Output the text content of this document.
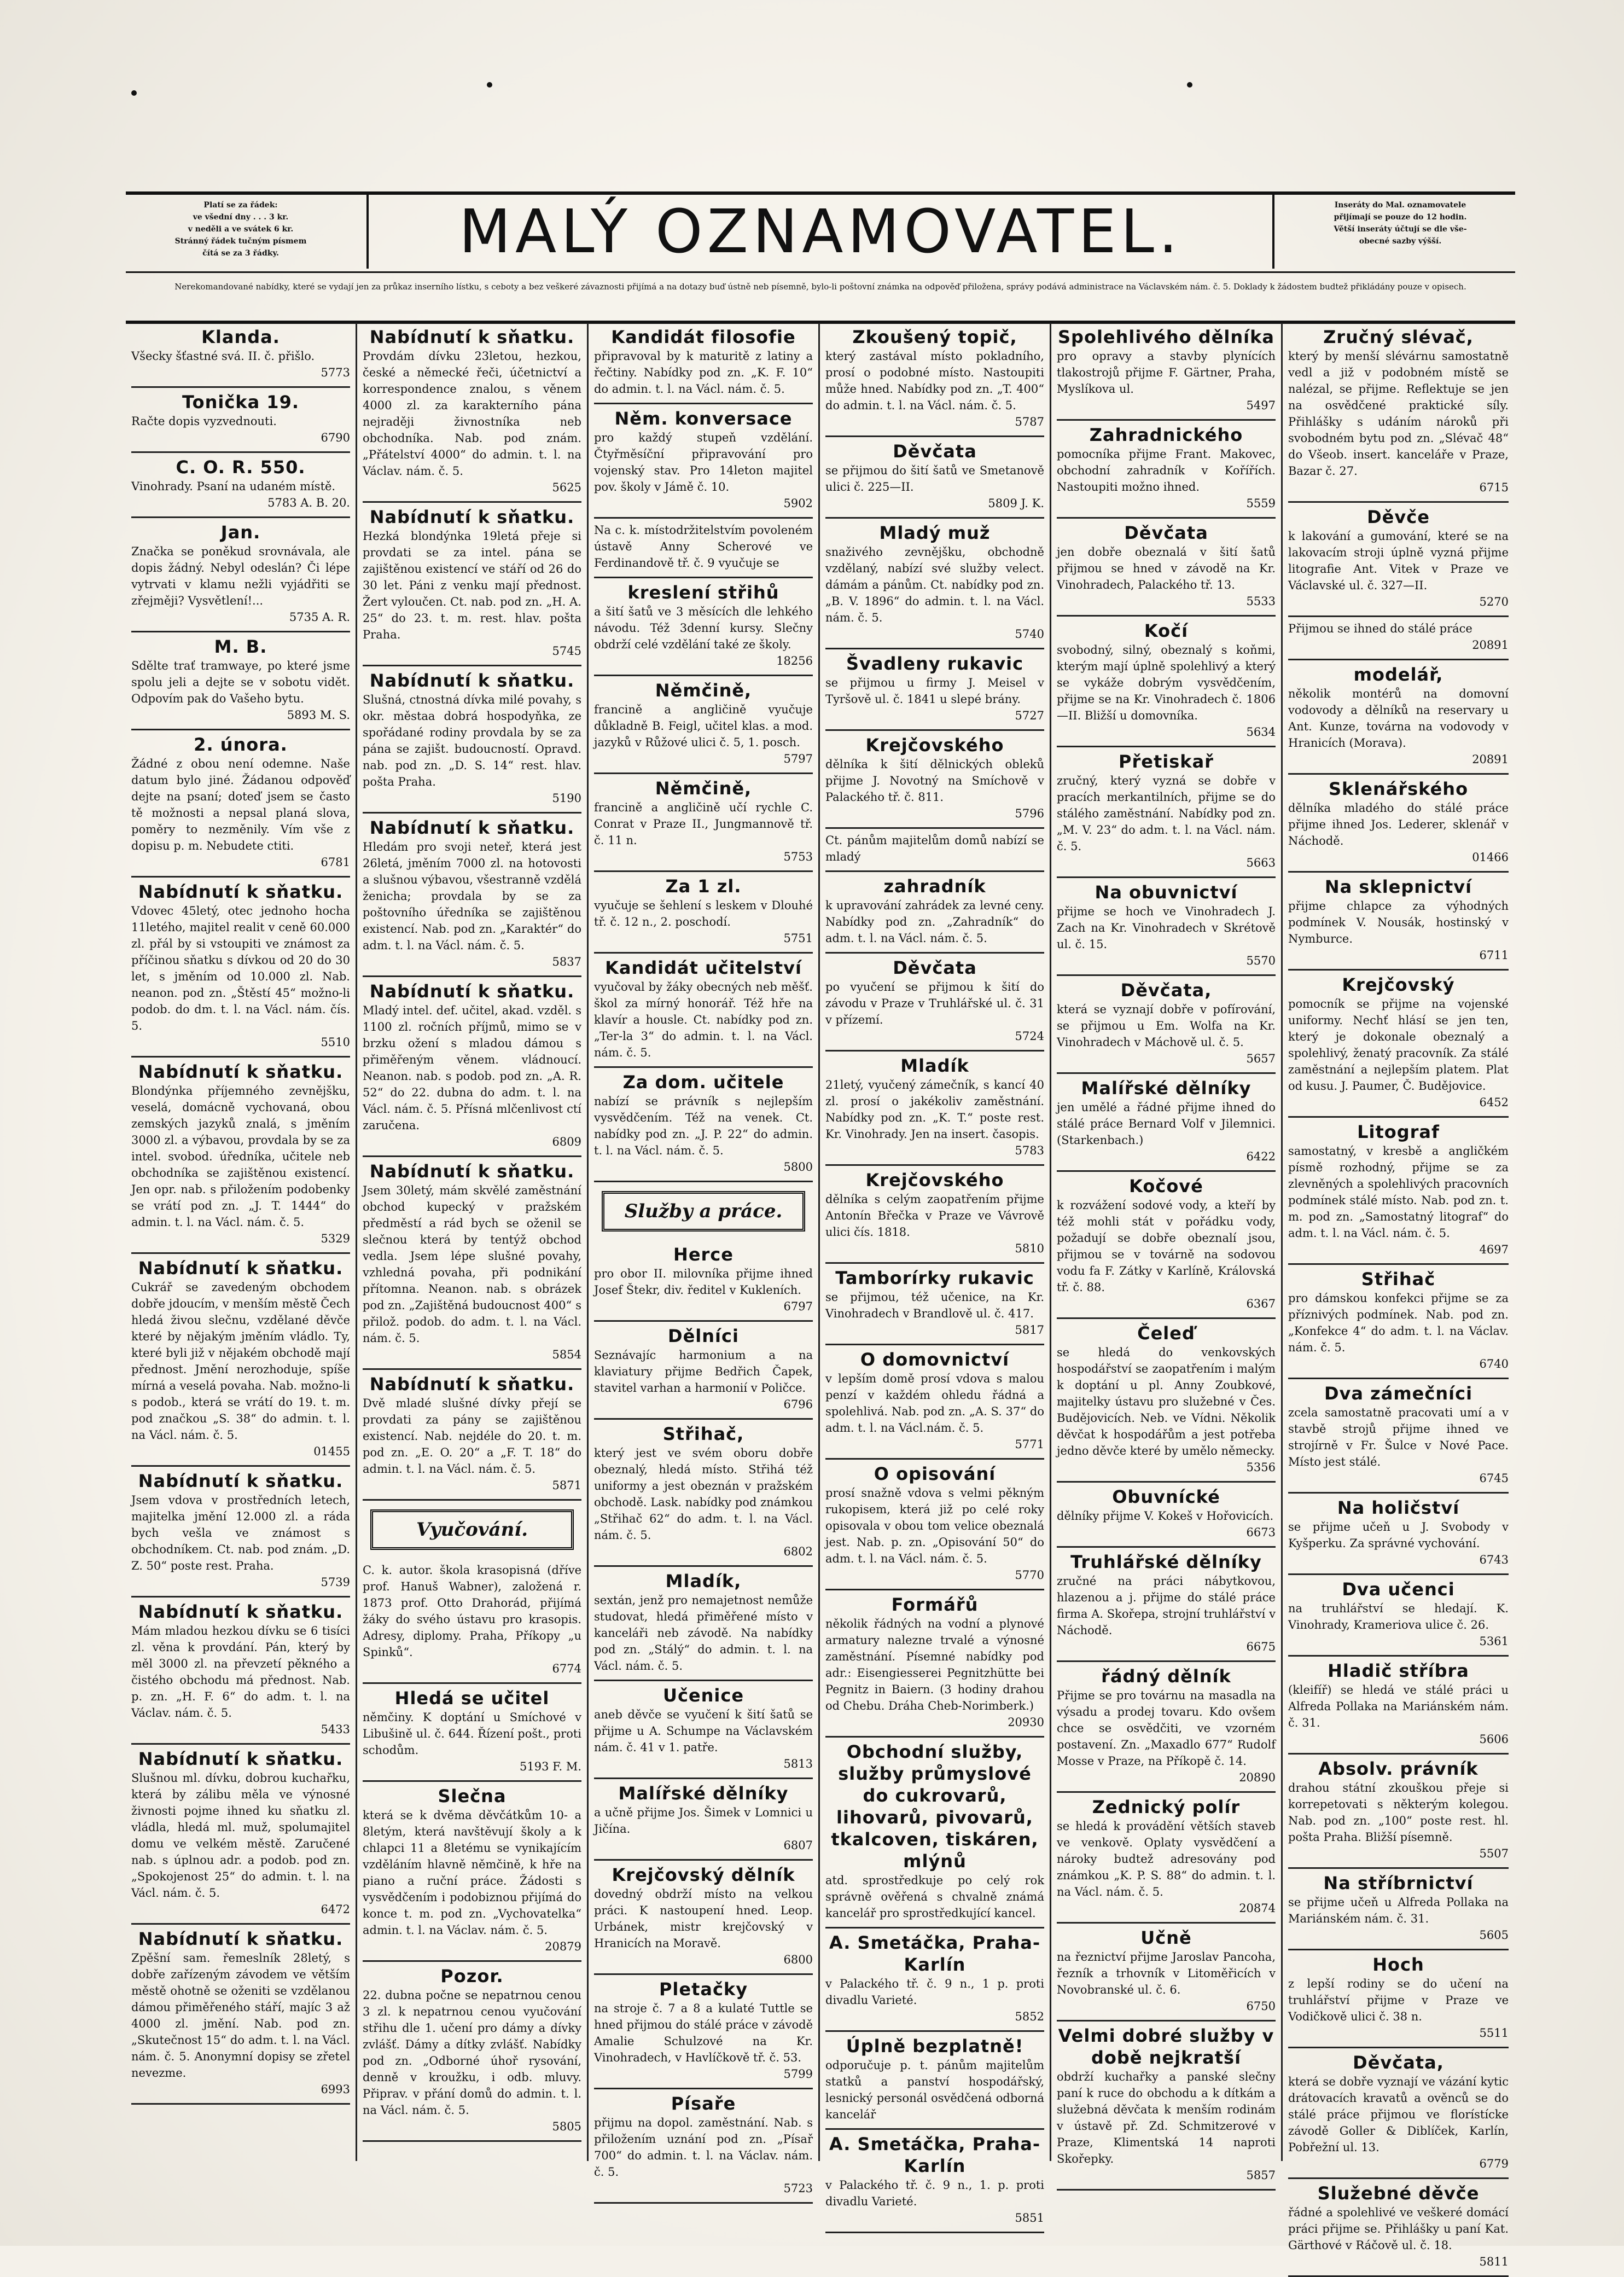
Platí se za řádek:
ve všední dny . . . 3 kr.
v neděli a ve svátek 6 kr.
Stránný řádek tučným písmem
čítá se za 3 řádky.	MALÝ OZNAMOVATEL.	Inseráty do Mal. oznamovatele
přijímají se pouze do 12 hodin.
Větší inseráty účtují se dle vše-
obecné sazby výšší.
Nerekomandované nabídky, které se vydají jen za průkaz inserního lístku, s ceboty a bez veškeré závaznosti přijímá a na dotazy buď ústně neb písemně, bylo-li poštovní známka na odpověď přiložena, správy podává administrace na Václavském nám. č. 5. Doklady k žádostem budtež přikládány pouze v opisech.
Klanda.
Všecky šťastné svá. II. č. přišlo.
5773
Tonička 19.
Račte dopis vyzvednouti.
6790
C. O. R. 550.
Vinohrady. Psaní na udaném místě.
5783 A. B. 20.
Jan.
Značka se poněkud srovnávala, ale dopis žádný. Nebyl odeslán? Či lépe vytrvati v klamu nežli vyjádřiti se zřejměji? Vysvětlení!...
5735 A. R.
M. B.
Sdělte trať tramwaye, po které jsme spolu jeli a dejte se v sobotu vidět. Odpovím pak do Vašeho bytu.
5893 M. S.
2. února.
Žádné z obou není odemne. Naše datum bylo jiné. Žádanou odpověď dejte na psaní; doteď jsem se často tě možnosti a nepsal planá slova, poměry to nezměnily. Vím vše z dopisu p. m. Nebudete ctiti.
6781
Nabídnutí k sňatku.
Vdovec 45letý, otec jednoho hocha 11letého, majitel realit v ceně 60.000 zl. přál by si vstoupiti ve známost za příčinou sňatku s dívkou od 20 do 30 let, s jměním od 10.000 zl. Nab. neanon. pod zn. „Štěstí 45“ možno-li podob. do dm. t. l. na Václ. nám. čís. 5.
5510
Nabídnutí k sňatku.
Blondýnka příjemného zevnějšku, veselá, domácně vychovaná, obou zemských jazyků znalá, s jměním 3000 zl. a výbavou, provdala by se za intel. svobod. úředníka, učitele neb obchodníka se zajištěnou existencí. Jen opr. nab. s přiložením podobenky se vrátí pod zn. „J. T. 1444“ do admin. t. l. na Václ. nám. č. 5.
5329
Nabídnutí k sňatku.
Cukrář se zavedeným obchodem dobře jdoucím, v menším městě Čech hledá živou slečnu, vzdělané děvče které by nějakým jměním vládlo. Ty, které byli již v nějakém obchodě mají přednost. Jmění nerozhoduje, spíše mírná a veselá povaha. Nab. možno-li s podob., která se vrátí do 19. t. m. pod značkou „S. 38“ do admin. t. l. na Václ. nám. č. 5.
01455
Nabídnutí k sňatku.
Jsem vdova v prostředních letech, majitelka jmění 12.000 zl. a ráda bych vešla ve známost s obchodníkem. Ct. nab. pod znám. „D. Z. 50“ poste rest. Praha.
5739
Nabídnutí k sňatku.
Mám mladou hezkou dívku se 6 tisíci zl. věna k provdání. Pán, který by měl 3000 zl. na převzetí pěkného a čistého obchodu má přednost. Nab. p. zn. „H. F. 6“ do adm. t. l. na Václav. nám. č. 5.
5433
Nabídnutí k sňatku.
Slušnou ml. dívku, dobrou kuchařku, která by zálibu měla ve výnosné živnosti pojme ihned ku sňatku zl. vládla, hledá ml. muž, spolumajitel domu ve velkém městě. Zaručené nab. s úplnou adr. a podob. pod zn. „Spokojenost 25“ do admin. t. l. na Václ. nám. č. 5.
6472
Nabídnutí k sňatku.
Zpěšní sam. řemeslník 28letý, s dobře zařízeným závodem ve větším městě ohotně se oženiti se vzdělanou dámou přiměřeného stáří, majíc 3 až 4000 zl. jmění. Nab. pod zn. „Skutečnost 15“ do adm. t. l. na Václ. nám. č. 5. Anonymní dopisy se zřetel nevezme.
6993
Nabídnutí k sňatku.
Provdám dívku 23letou, hezkou, české a německé řeči, účetnictví a korrespondence znalou, s věnem 4000 zl. za karakterního pána nejraději živnostníka neb obchodníka. Nab. pod znám. „Přátelství 4000“ do admin. t. l. na Václav. nám. č. 5.
5625
Nabídnutí k sňatku.
Hezká blondýnka 19letá přeje si provdati se za intel. pána se zajištěnou existencí ve stáří od 26 do 30 let. Páni z venku mají přednost. Žert vyloučen. Ct. nab. pod zn. „H. A. 25“ do 23. t. m. rest. hlav. pošta Praha.
5745
Nabídnutí k sňatku.
Slušná, ctnostná dívka milé povahy, s okr. městaa dobrá hospodyňka, ze spořádané rodiny provdala by se za pána se zajišt. budoucností. Opravd. nab. pod zn. „D. S. 14“ rest. hlav. pošta Praha.
5190
Nabídnutí k sňatku.
Hledám pro svoji neteř, která jest 26letá, jměním 7000 zl. na hotovosti a slušnou výbavou, všestranně vzdělá ženicha; provdala by se za poštovního úředníka se zajištěnou existencí. Nab. pod zn. „Karaktér“ do adm. t. l. na Václ. nám. č. 5.
5837
Nabídnutí k sňatku.
Mladý intel. def. učitel, akad. vzděl. s 1100 zl. ročních příjmů, mimo se v brzku ožení s mladou dámou s přiměřeným věnem. vládnoucí. Neanon. nab. s podob. pod zn. „A. R. 52“ do 22. dubna do adm. t. l. na Václ. nám. č. 5. Přísná mlčenlivost ctí zaručena.
6809
Nabídnutí k sňatku.
Jsem 30letý, mám skvělé zaměstnání obchod kupecký v pražském předměstí a rád bych se oženil se slečnou která by tentýž obchod vedla. Jsem lépe slušné povahy, vzhledná povaha, při podnikání přítomna. Neanon. nab. s obrázek pod zn. „Zajištěná budoucnost 400“ s přilož. podob. do adm. t. l. na Václ. nám. č. 5.
5854
Nabídnutí k sňatku.
Dvě mladé slušné dívky přejí se provdati za pány se zajištěnou existencí. Nab. nejdéle do 20. t. m. pod zn. „E. O. 20“ a „F. T. 18“ do admin. t. l. na Václ. nám. č. 5.
5871
Vyučování.
C. k. autor. škola krasopisná (dříve prof. Hanuš Wabner), založená r. 1873 prof. Otto Drahorád, přijímá žáky do svého ústavu pro krasopis. Adresy, diplomy. Praha, Příkopy „u Spinků“.
6774
Hledá se učitel
němčiny. K doptání u Smíchové v Libušině ul. č. 644. Řízení pošt., proti schodům.
5193 F. M.
Slečna
která se k dvěma děvčátkům 10- a 8letým, která navštěvují školy a k chlapci 11 a 8letému se vynikajícím vzděláním hlavně němčině, k hře na piano a ruční práce. Žádosti s vysvědčením i podobiznou přijímá do konce t. m. pod zn. „Vychovatelka“ admin. t. l. na Václav. nám. č. 5.
20879
Pozor.
22. dubna počne se nepatrnou cenou 3 zl. k nepatrnou cenou vyučování střihu dle 1. učení pro dámy a dívky zvlášť. Dámy a dítky zvlášť. Nabídky pod zn. „Odborné úhoř rysování, denně v kroužku, i odb. mluvy. Připrav. v přání domů do admin. t. l. na Václ. nám. č. 5.
5805
Kandidát filosofie
připravoval by k maturitě z latiny a řečtiny. Nabídky pod zn. „K. F. 10“ do admin. t. l. na Václ. nám. č. 5.
Něm. konversace
pro každý stupeň vzdělání. Čtyřměsíční připravování pro vojenský stav. Pro 14leton majitel pov. školy v Jámě č. 10.
5902
Na c. k. místodržitelstvím povoleném ústavě Anny Scherové ve Ferdinandově tř. č. 9 vyučuje se
kreslení střihů
a šití šatů ve 3 měsících dle lehkého návodu. Též 3denní kursy. Slečny obdrží celé vzdělání také ze školy.
18256
Němčině,
francině a angličině vyučuje důkladně B. Feigl, učitel klas. a mod. jazyků v Růžové ulici č. 5, 1. posch.
5797
Němčině,
francině a angličině učí rychle C. Conrat v Praze II., Jungmannově tř. č. 11 n.
5753
Za 1 zl.
vyučuje se šehlení s leskem v Dlouhé tř. č. 12 n., 2. poschodí.
5751
Kandidát učitelství
vyučoval by žáky obecných neb měšť. škol za mírný honorář. Též hře na klavír a housle. Ct. nabídky pod zn. „Ter-la 3“ do admin. t. l. na Václ. nám. č. 5.
Za dom. učitele
nabízí se právník s nejlepším vysvědčením. Též na venek. Ct. nabídky pod zn. „J. P. 22“ do admin. t. l. na Václ. nám. č. 5.
5800
Služby a práce.
Herce
pro obor II. milovníka přijme ihned Josef Štekr, div. ředitel v Kukleních.
6797
Dělníci
Seznávajíc harmonium a na klaviatury přijme Bedřich Čapek, stavitel varhan a harmonií v Poličce.
6796
Střihač,
který jest ve svém oboru dobře obeznalý, hledá místo. Střihá též uniformy a jest obeznán v pražském obchodě. Lask. nabídky pod známkou „Střihač 62“ do adm. t. l. na Václ. nám. č. 5.
6802
Mladík,
sextán, jenž pro nemajetnost nemůže studovat, hledá přiměřené místo v kanceláři neb závodě. Na nabídky pod zn. „Stálý“ do admin. t. l. na Václ. nám. č. 5.
Učenice
aneb děvče se vyučení k šití šatů se přijme u A. Schumpe na Václavském nám. č. 41 v 1. patře.
5813
Malířské dělníky
a učně přijme Jos. Šimek v Lomnici u Jičína.
6807
Krejčovský dělník
dovedný obdrží místo na velkou práci. K nastoupení hned. Leop. Urbánek, mistr krejčovský v Hranicích na Moravě.
6800
Pletačky
na stroje č. 7 a 8 a kulaté Tuttle se hned přijmou do stálé práce v závodě Amalie Schulzové na Kr. Vinohradech, v Havlíčkově tř. č. 53.
5799
Písaře
přijmu na dopol. zaměstnání. Nab. s přiložením uznání pod zn. „Písař 700“ do admin. t. l. na Václav. nám. č. 5.
5723
Zkoušený topič,
který zastával místo pokladního, prosí o podobné místo. Nastoupiti může hned. Nabídky pod zn. „T. 400“ do admin. t. l. na Václ. nám. č. 5.
5787
Děvčata
se přijmou do šití šatů ve Smetanově ulici č. 225—II.
5809 J. K.
Mladý muž
snaživého zevnějšku, obchodně vzdělaný, nabízí své služby velect. dámám a pánům. Ct. nabídky pod zn. „B. V. 1896“ do admin. t. l. na Václ. nám. č. 5.
5740
Švadleny rukavic
se přijmou u firmy J. Meisel v Tyršově ul. č. 1841 u slepé brány.
5727
Krejčovského
dělníka k šití dělnických obleků přijme J. Novotný na Smíchově v Palackého tř. č. 811.
5796
Ct. pánům majitelům domů nabízí se mladý
zahradník
k upravování zahrádek za levné ceny. Nabídky pod zn. „Zahradník“ do adm. t. l. na Václ. nám. č. 5.
Děvčata
po vyučení se přijmou k šití do závodu v Praze v Truhlářské ul. č. 31 v přízemí.
5724
Mladík
21letý, vyučený zámečník, s kancí 40 zl. prosí o jakékoliv zaměstnání. Nabídky pod zn. „K. T.“ poste rest. Kr. Vinohrady. Jen na insert. časopis.
5783
Krejčovského
dělníka s celým zaopatřením přijme Antonín Břečka v Praze ve Vávrově ulici čís. 1818.
5810
Tamborírky rukavic
se přijmou, též učenice, na Kr. Vinohradech v Brandlově ul. č. 417.
5817
O domovnictví
v lepším domě prosí vdova s malou penzí v každém ohledu řádná a spolehlivá. Nab. pod zn. „A. S. 37“ do adm. t. l. na Václ.nám. č. 5.
5771
O opisování
prosí snažně vdova s velmi pěkným rukopisem, která již po celé roky opisovala v obou tom velice obeznalá jest. Nab. p. zn. „Opisování 50“ do adm. t. l. na Václ. nám. č. 5.
5770
Formářů
několik řádných na vodní a plynové armatury nalezne trvalé a výnosné zaměstnání. Písemné nabídky pod adr.: Eisengiesserei Pegnitzhütte bei Pegnitz in Baiern. (3 hodiny drahou od Chebu. Dráha Cheb-Norimberk.)
20930
Obchodní služby, služby průmyslové do cukrovarů, lihovarů, pivovarů, tkalcoven, tiskáren, mlýnů
atd. sprostředkuje po celý rok správně ověřená s chvalně známá kancelář pro sprostředkující kancel.
A. Smetáčka, Praha-Karlín
v Palackého tř. č. 9 n., 1 p. proti divadlu Varieté.
5852
Úplně bezplatně!
odporučuje p. t. pánům majitelům statků a panství hospodářský, lesnický personál osvědčená odborná kancelář
A. Smetáčka, Praha-Karlín
v Palackého tř. č. 9 n., 1. p. proti divadlu Varieté.
5851
Spolehlivého dělníka
pro opravy a stavby plynících tlakostrojů přijme F. Gärtner, Praha, Myslíkova ul.
5497
Zahradnického
pomocníka přijme Frant. Makovec, obchodní zahradník v Kořířích. Nastoupiti možno ihned.
5559
Děvčata
jen dobře obeznalá v šití šatů přijmou se hned v závodě na Kr. Vinohradech, Palackého tř. 13.
5533
Kočí
svobodný, silný, obeznalý s koňmi, kterým mají úplně spolehlivý a který se vykáže dobrým vysvědčením, přijme se na Kr. Vinohradech č. 1806—II. Bližší u domovníka.
5634
Přetiskař
zručný, který vyzná se dobře v pracích merkantilních, přijme se do stálého zaměstnání. Nabídky pod zn. „M. V. 23“ do adm. t. l. na Václ. nám. č. 5.
5663
Na obuvnictví
přijme se hoch ve Vinohradech J. Zach na Kr. Vinohradech v Skrétově ul. č. 15.
5570
Děvčata,
která se vyznají dobře v pofírování, se přijmou u Em. Wolfa na Kr. Vinohradech v Máchově ul. č. 5.
5657
Malířské dělníky
jen umělé a řádné přijme ihned do stálé práce Bernard Volf v Jilemnici. (Starkenbach.)
6422
Kočové
k rozvážení sodové vody, a kteří by též mohli stát v pořádku vody, požadují se dobře obeznalí jsou, přijmou se v továrně na sodovou vodu fa F. Zátky v Karlíně, Královská tř. č. 88.
6367
Čeleď
se hledá do venkovských hospodářství se zaopatřením i malým k doptání u pl. Anny Zoubkové, majitelky ústavu pro služebné v Čes. Budějovicích. Neb. ve Vídni. Několik děvčat k hospodářům a jest potřeba jedno děvče které by umělo německy.
5356
Obuvnícké
dělníky přijme V. Kokeš v Hořovicích.
6673
Truhlářské dělníky
zručné na práci nábytkovou, hlazenou a j. přijme do stálé práce firma A. Skořepa, strojní truhlářství v Náchodě.
6675
řádný dělník
Přijme se pro továrnu na masadla na výsadu a prodej tovaru. Kdo ovšem chce se osvědčiti, ve vzorném postavení. Zn. „Maxadlo 677“ Rudolf Mosse v Praze, na Příkopě č. 14.
20890
Zednický polír
se hledá k provádění větších staveb ve venkově. Oplaty vysvědčení a nároky budtež adresovány pod známkou „K. P. S. 88“ do admin. t. l. na Václ. nám. č. 5.
20874
Učně
na řeznictví přijme Jaroslav Pancoha, řezník a trhovník v Litoměřicích v Novobranské ul. č. 6.
6750
Velmi dobré služby v době nejkratší
obdrží kuchařky a panské slečny paní k ruce do obchodu a k dítkám a služebná děvčata k menším rodinám v ústavě př. Zd. Schmitzerové v Praze, Klimentská 14 naproti Skořepky.
5857
Zručný slévač,
který by menší slévárnu samostatně vedl a již v podobném místě se nalézal, se přijme. Reflektuje se jen na osvědčené praktické síly. Přihlášky s udáním nároků při svobodném bytu pod zn. „Slévač 48“ do Všeob. insert. kanceláře v Praze, Bazar č. 27.
6715
Děvče
k lakování a gumování, které se na lakovacím stroji úplně vyzná přijme litografie Ant. Vitek v Praze ve Václavské ul. č. 327—II.
5270
Přijmou se ihned do stálé práce
20891
modelář,
několik montérů na domovní vodovody a dělníků na reservary u Ant. Kunze, továrna na vodovody v Hranicích (Morava).
20891
Sklenářského
dělníka mladého do stálé práce přijme ihned Jos. Lederer, sklenář v Náchodě.
01466
Na sklepnictví
přijme chlapce za výhodných podmínek V. Nousák, hostinský v Nymburce.
6711
Krejčovský
pomocník se přijme na vojenské uniformy. Nechť hlásí se jen ten, který je dokonale obeznalý a spolehlivý, ženatý pracovník. Za stálé zaměstnání a nejlepším platem. Plat od kusu. J. Paumer, Č. Budějovice.
6452
Litograf
samostatný, v kresbě a angličkém písmě rozhodný, přijme se za zlevněných a spolehlivých pracovních podmínek stálé místo. Nab. pod zn. t. m. pod zn. „Samostatný litograf“ do adm. t. l. na Václ. nám. č. 5.
4697
Střihač
pro dámskou konfekci přijme se za příznivých podmínek. Nab. pod zn. „Konfekce 4“ do adm. t. l. na Václav. nám. č. 5.
6740
Dva zámečníci
zcela samostatně pracovati umí a v stavbě strojů přijme ihned ve strojírně v Fr. Šulce v Nové Pace. Místo jest stálé.
6745
Na holičství
se přijme učeň u J. Svobody v Kyšperku. Za správné vychování.
6743
Dva učenci
na truhlářství se hledají. K. Vinohrady, Krameriova ulice č. 26.
5361
Hladič stříbra
(kleifíř) se hledá ve stálé práci u Alfreda Pollaka na Mariánském nám. č. 31.
5606
Absolv. právník
drahou státní zkouškou přeje si korrepetovati s některým kolegou. Nab. pod zn. „100“ poste rest. hl. pošta Praha. Bližší písemně.
5507
Na stříbrnictví
se přijme učeň u Alfreda Pollaka na Mariánském nám. č. 31.
5605
Hoch
z lepší rodiny se do učení na truhlářství přijme v Praze ve Vodičkově ulici č. 38 n.
5511
Děvčata,
která se dobře vyznají ve vázání kytic drátovacích kravatů a ověnců se do stálé práce přijmou ve florístícke závodě Goller & Diblíček, Karlín, Pobřežní ul. 13.
6779
Služebné děvče
řádné a spolehlivé ve veškeré domácí práci přijme se. Přihlášky u paní Kat. Gärthové v Ráčově ul. č. 18.
5811
